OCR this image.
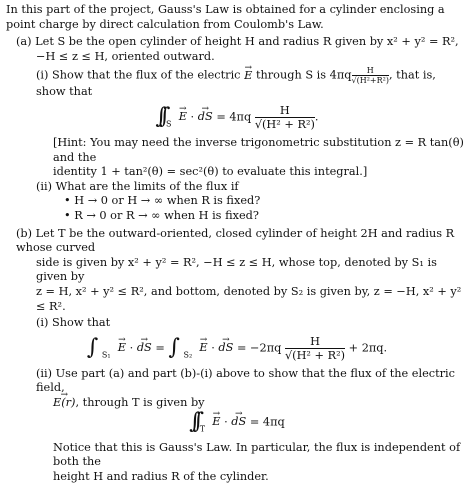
In this part of the project, Gauss's Law is obtained for a cylinder enclosing a point charge by direct calculation from Coulomb's Law.

(a) Let S be the open cylinder of height H and radius R given by x² + y² = R²,

−H ≤ z ≤ H, oriented outward.

(i) Show that the flux of the electric → E through S is $4\pi q \frac{H}{\text{√(H²+R²)}}$ , that is, show that

∫∫ $_S$  → E · → dS = $4\pi q \frac{H}{\text{√(H² + R²)}}$ .

[Hint: You may need the inverse trigonometric substitution z = R tan(θ) and the

identity 1 + tan²(θ) = sec²(θ) to evaluate this integral.]

(ii) What are the limits of the flux if

• H → 0 or H → ∞ when R is fixed?

• R → 0 or R → ∞ when H is fixed?

(b) Let T be the outward-oriented, closed cylinder of height 2H and radius R whose curved

side is given by x² + y² = R², −H ≤ z ≤ H, whose top, denoted by S₁ is given by

z = H, x² + y² ≤ R², and bottom, denoted by S₂ is given by, z = −H, x² + y² ≤ R².

(i) Show that

∫ $_{S_1}$  → E · → dS = ∫ $_{S_2}$  → E · → dS = $-2\pi q \frac{H}{\text{√(H² + R²)}} + 2\pi q$.

(ii) Use part (a) and part (b)-(i) above to show that the flux of the electric field,

→ E(r), through T is given by

∫∫ $_T$  → E · → dS = 4πq

Notice that this is Gauss's Law. In particular, the flux is independent of both the

height H and radius R of the cylinder.
